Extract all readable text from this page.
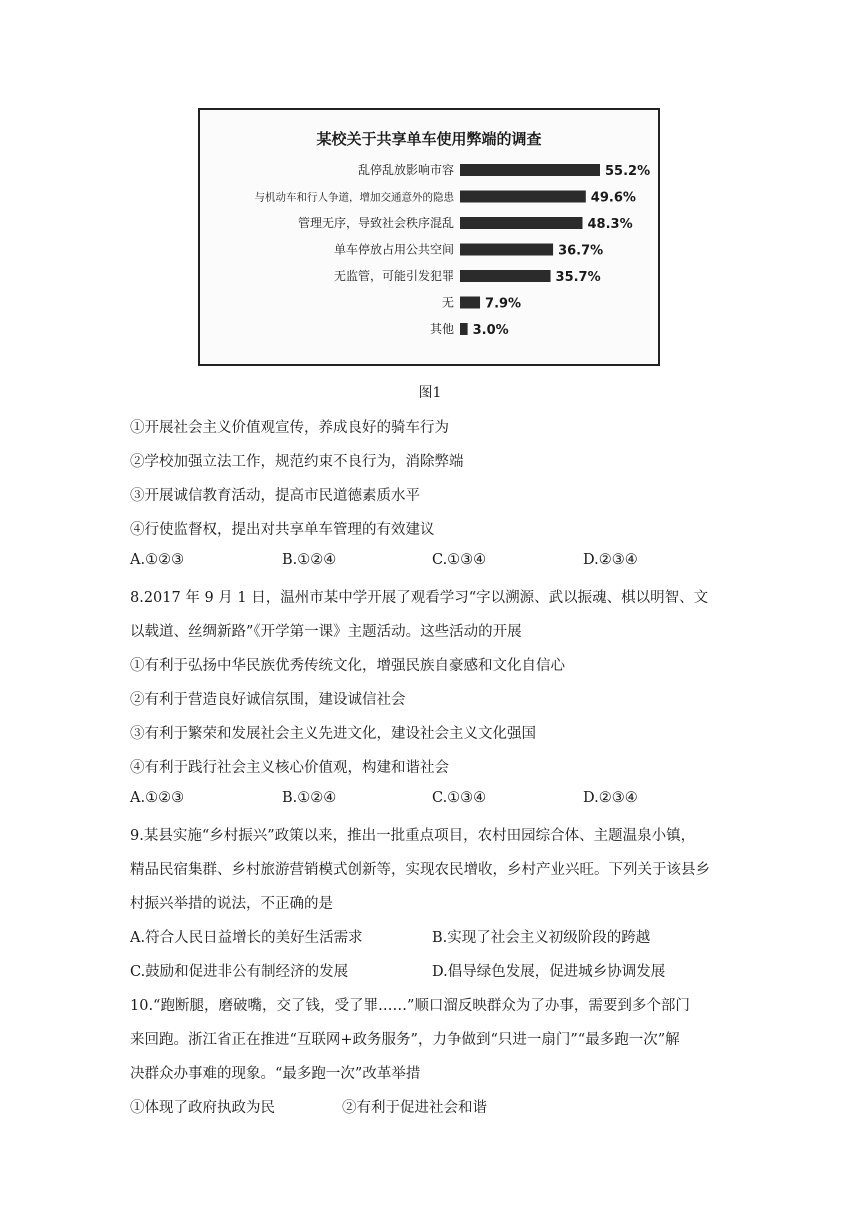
某校关于共享单车使用弊端的调查
乱停乱放影响市容	55.2%
与机动车和行人争道，增加交通意外的隐患	49.6%
管理无序，导致社会秩序混乱	48.3%
单车停放占用公共空间	36.7%
无监管，可能引发犯罪	35.7%
无 7.9%
其他 3.0%
图1
①开展社会主义价值观宣传，养成良好的骑车行为
②学校加强立法工作，规范约束不良行为，消除弊端
③开展诚信教育活动，提高市民道德素质水平
④行使监督权，提出对共享单车管理的有效建议
A.①②③	B.①②④	C.①③④	D.②③④
8.2017 年 9 月 1 日，温州市某中学开展了观看学习“字以溯源、武以振魂、棋以明智、文
以载道、丝绸新路”《开学第一课》主题活动。这些活动的开展
①有利于弘扬中华民族优秀传统文化，增强民族自豪感和文化自信心
②有利于营造良好诚信氛围，建设诚信社会
③有利于繁荣和发展社会主义先进文化，建设社会主义文化强国
④有利于践行社会主义核心价值观，构建和谐社会
A.①②③	B.①②④	C.①③④	D.②③④
9.某县实施“乡村振兴”政策以来，推出一批重点项目，农村田园综合体、主题温泉小镇，
精品民宿集群、乡村旅游营销模式创新等，实现农民增收，乡村产业兴旺。下列关于该县乡
村振兴举措的说法，不正确的是
A.符合人民日益增长的美好生活需求	B.实现了社会主义初级阶段的跨越
C.鼓励和促进非公有制经济的发展	D.倡导绿色发展，促进城乡协调发展
10.“跑断腿，磨破嘴，交了钱，受了罪……”顺口溜反映群众为了办事，需要到多个部门
来回跑。浙江省正在推进“互联网+政务服务”，力争做到“只进一扇门”“最多跑一次”解
决群众办事难的现象。“最多跑一次”改革举措
①体现了政府执政为民	②有利于促进社会和谐
